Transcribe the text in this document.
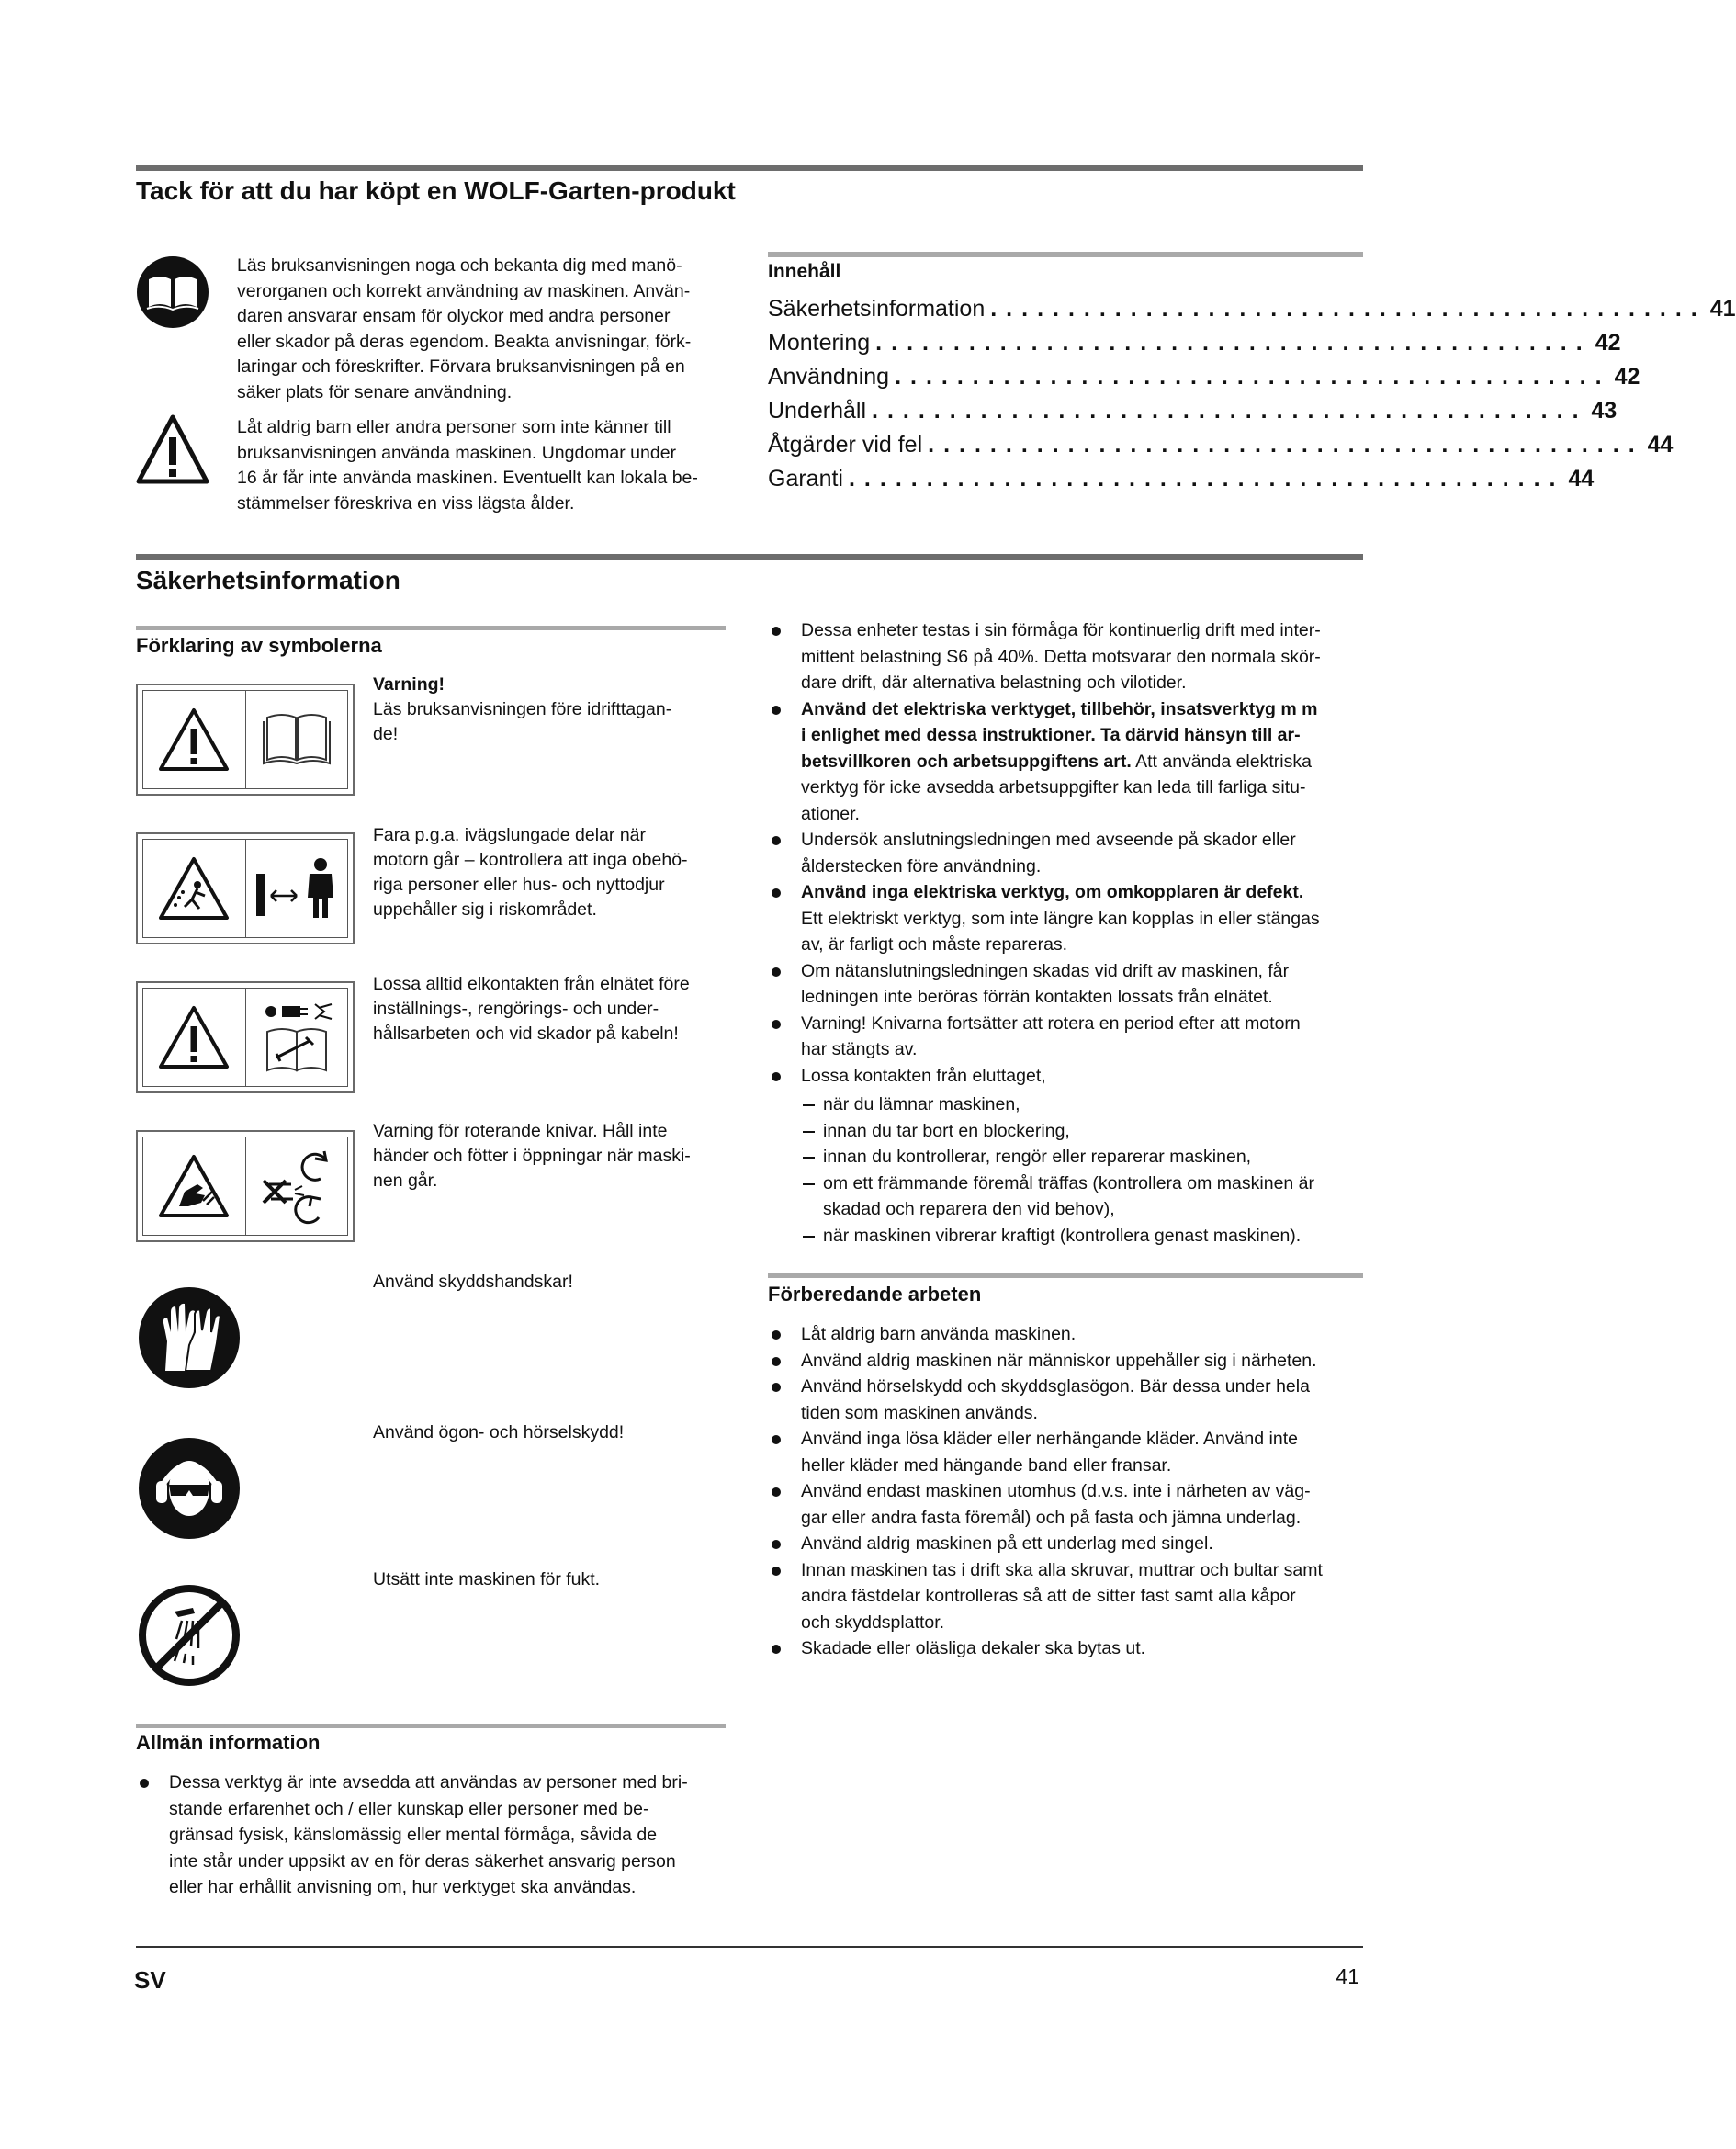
Tack för att du har köpt en WOLF-Garten-produkt
Läs bruksanvisningen noga och bekanta dig med manö-
verorganen och korrekt användning av maskinen. Använ-
daren ansvarar ensam för olyckor med andra personer
eller skador på deras egendom. Beakta anvisningar, förk-
laringar och föreskrifter. Förvara bruksanvisningen på en
säker plats för senare användning.
Låt aldrig barn eller andra personer som inte känner till
bruksanvisningen använda maskinen. Ungdomar under
16 år får inte använda maskinen. Eventuellt kan lokala be-
stämmelser föreskriva en viss lägsta ålder.
Innehåll
Säkerhetsinformation .............................................. 41
Montering .............................................. 42
Användning .............................................. 42
Underhåll .............................................. 43
Åtgärder vid fel .............................................. 44
Garanti .............................................. 44
Säkerhetsinformation
Förklaring av symbolerna
Varning!
Läs bruksanvisningen före idrifttagan-
de!
Fara p.g.a. ivägslungade delar när
motorn går – kontrollera att inga obehö-
riga personer eller hus- och nyttodjur
uppehåller sig i riskområdet.
Lossa alltid elkontakten från elnätet före
inställnings-, rengörings- och under-
hållsarbeten och vid skador på kabeln!
Varning för roterande knivar. Håll inte
händer och fötter i öppningar när maski-
nen går.
Använd skyddshandskar!
Använd ögon- och hörselskydd!
Utsätt inte maskinen för fukt.
Allmän information
Dessa verktyg är inte avsedda att användas av personer med bri-
stande erfarenhet och / eller kunskap eller personer med be-
gränsad fysisk, känslomässig eller mental förmåga, såvida de
inte står under uppsikt av en för deras säkerhet ansvarig person
eller har erhållit anvisning om, hur verktyget ska användas.
Dessa enheter testas i sin förmåga för kontinuerlig drift med inter-
mittent belastning S6 på 40%. Detta motsvarar den normala skör-
dare drift, där alternativa belastning och vilotider.
Använd det elektriska verktyget, tillbehör, insatsverktyg m m
i enlighet med dessa instruktioner. Ta därvid hänsyn till ar-
betsvillkoren och arbetsuppgiftens art. Att använda elektriska
verktyg för icke avsedda arbetsuppgifter kan leda till farliga situ-
ationer.
Undersök anslutningsledningen med avseende på skador eller
ålderstecken före användning.
Använd inga elektriska verktyg, om omkopplaren är defekt.
Ett elektriskt verktyg, som inte längre kan kopplas in eller stängas
av, är farligt och måste repareras.
Om nätanslutningsledningen skadas vid drift av maskinen, får
ledningen inte beröras förrän kontakten lossats från elnätet.
Varning! Knivarna fortsätter att rotera en period efter att motorn
har stängts av.
Lossa kontakten från eluttaget,
när du lämnar maskinen,
innan du tar bort en blockering,
innan du kontrollerar, rengör eller reparerar maskinen,
om ett främmande föremål träffas (kontrollera om maskinen är
skadad och reparera den vid behov),
när maskinen vibrerar kraftigt (kontrollera genast maskinen).
Förberedande arbeten
Låt aldrig barn använda maskinen.
Använd aldrig maskinen när människor uppehåller sig i närheten.
Använd hörselskydd och skyddsglasögon. Bär dessa under hela
tiden som maskinen används.
Använd inga lösa kläder eller nerhängande kläder. Använd inte
heller kläder med hängande band eller fransar.
Använd endast maskinen utomhus (d.v.s. inte i närheten av väg-
gar eller andra fasta föremål) och på fasta och jämna underlag.
Använd aldrig maskinen på ett underlag med singel.
Innan maskinen tas i drift ska alla skruvar, muttrar och bultar samt
andra fästdelar kontrolleras så att de sitter fast samt alla kåpor
och skyddsplattor.
Skadade eller oläsliga dekaler ska bytas ut.
SV	41
